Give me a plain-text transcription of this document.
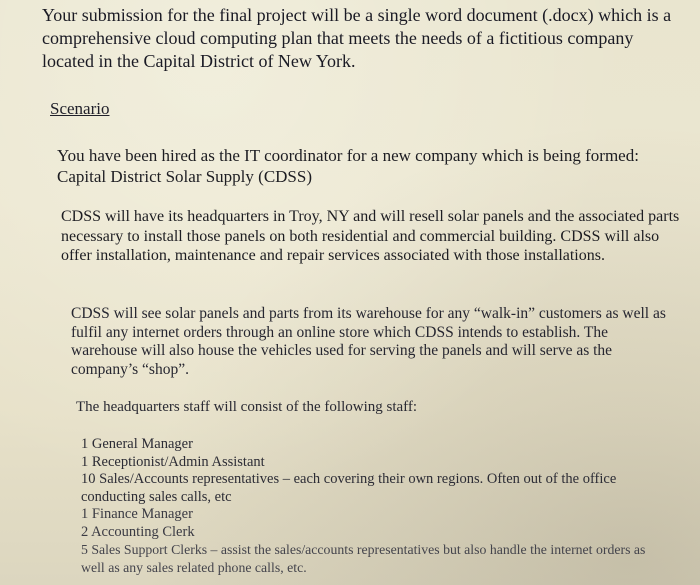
Your submission for the final project will be a single word document (.docx) which is a comprehensive cloud computing plan that meets the needs of a fictitious company located in the Capital District of New York.
Scenario
You have been hired as the IT coordinator for a new company which is being formed: Capital District Solar Supply (CDSS)
CDSS will have its headquarters in Troy, NY and will resell solar panels and the associated parts necessary to install those panels on both residential and commercial building. CDSS will also offer installation, maintenance and repair services associated with those installations.
CDSS will see solar panels and parts from its warehouse for any “walk-in” customers as well as fulfil any internet orders through an online store which CDSS intends to establish. The warehouse will also house the vehicles used for serving the panels and will serve as the company’s “shop”.
The headquarters staff will consist of the following staff:
1 General Manager
1 Receptionist/Admin Assistant
10 Sales/Accounts representatives – each covering their own regions. Often out of the office conducting sales calls, etc
1 Finance Manager
2 Accounting Clerk
5 Sales Support Clerks – assist the sales/accounts representatives but also handle the internet orders as well as any sales related phone calls, etc.
